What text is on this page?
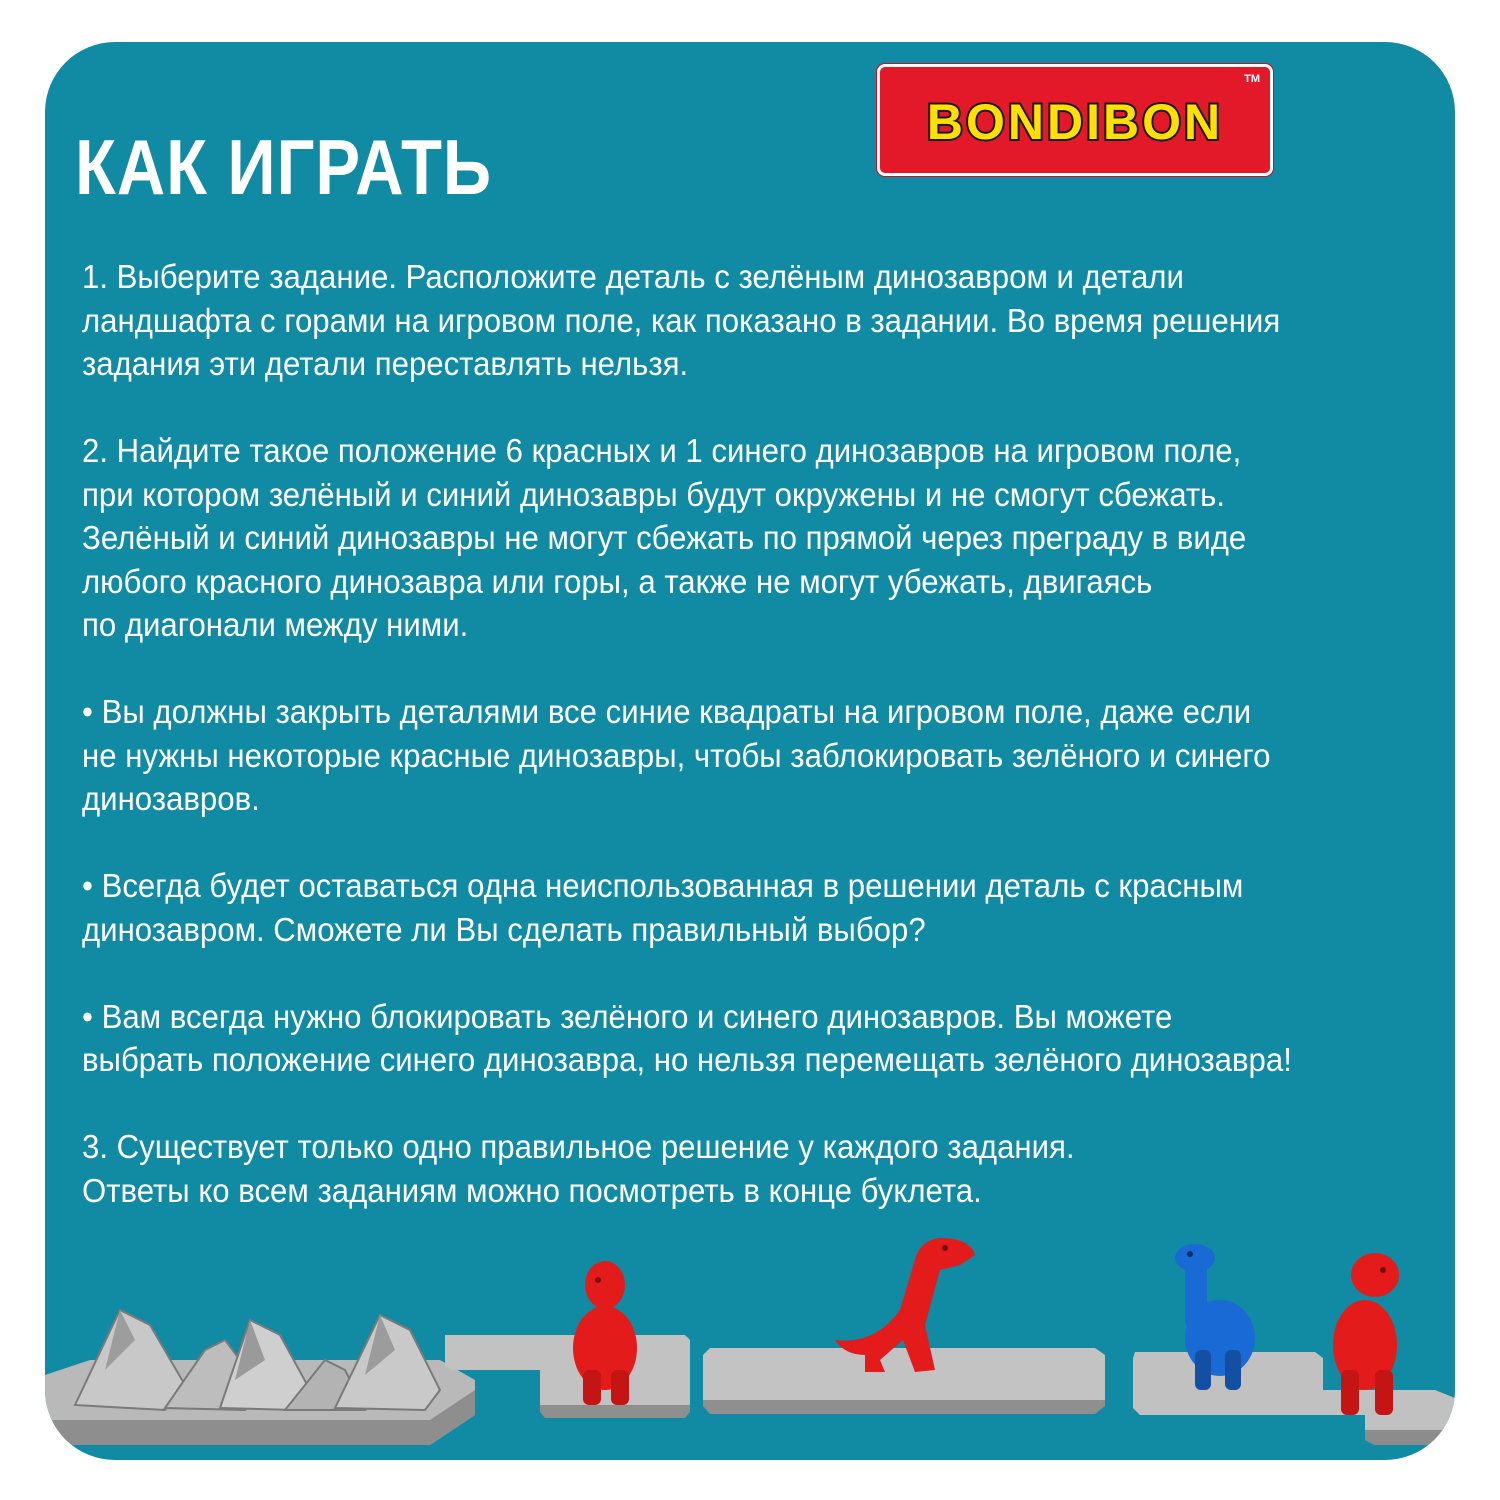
КАК ИГРАТЬ
BONDIBON
TM

1. Выберите задание. Расположите деталь с зелёным динозавром и детали
ландшафта с горами на игровом поле, как показано в задании. Во время решения
задания эти детали переставлять нельзя.

2. Найдите такое положение 6 красных и 1 синего динозавров на игровом поле,
при котором зелёный и синий динозавры будут окружены и не смогут сбежать.
Зелёный и синий динозавры не могут сбежать по прямой через преграду в виде
любого красного динозавра или горы, а также не могут убежать, двигаясь
по диагонали между ними.

• Вы должны закрыть деталями все синие квадраты на игровом поле, даже если
не нужны некоторые красные динозавры, чтобы заблокировать зелёного и синего
динозавров.

• Всегда будет оставаться одна неиспользованная в решении деталь с красным
динозавром. Сможете ли Вы сделать правильный выбор?

• Вам всегда нужно блокировать зелёного и синего динозавров. Вы можете
выбрать положение синего динозавра, но нельзя перемещать зелёного динозавра!

3. Существует только одно правильное решение у каждого задания.
Ответы ко всем заданиям можно посмотреть в конце буклета.
